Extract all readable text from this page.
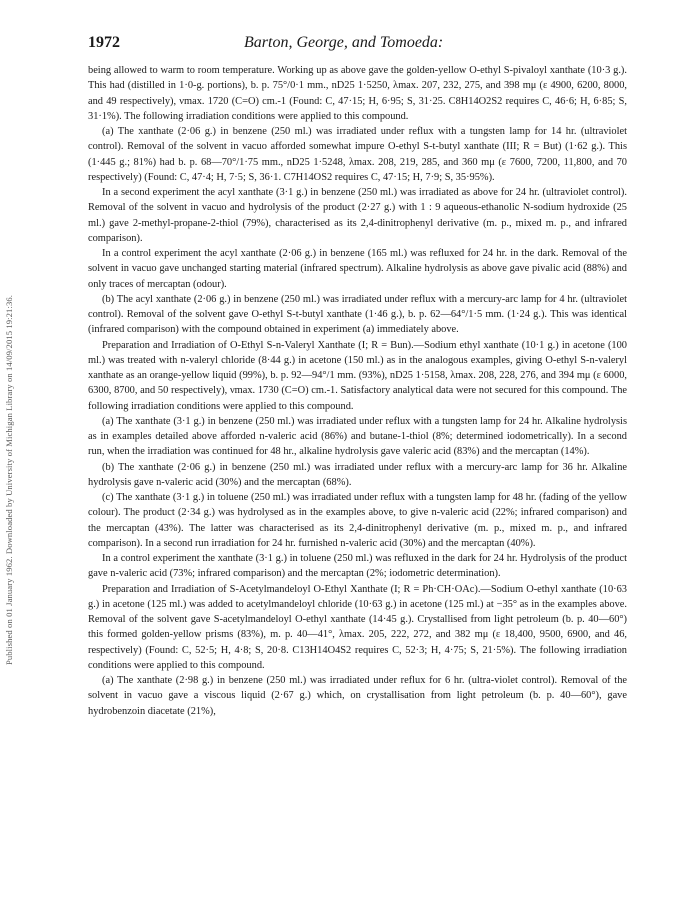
Published on 01 January 1962. Downloaded by University of Michigan Library on 14/09/2015 19:21:36.
1972	Barton, George, and Tomoeda:

being allowed to warm to room temperature. Working up as above gave the golden-yellow O-ethyl S-pivaloyl xanthate (10·3 g.). This had (distilled in 1·0-g. portions), b. p. 75°/0·1 mm., nD25 1·5250, λmax. 207, 232, 275, and 398 mμ (ε 4900, 6200, 8000, and 49 respectively), νmax. 1720 (C=O) cm.-1 (Found: C, 47·15; H, 6·95; S, 31·25. C8H14O2S2 requires C, 46·6; H, 6·85; S, 31·1%). The following irradiation conditions were applied to this compound.

(a) The xanthate (2·06 g.) in benzene (250 ml.) was irradiated under reflux with a tungsten lamp for 14 hr. (ultraviolet control). Removal of the solvent in vacuo afforded somewhat impure O-ethyl S-t-butyl xanthate (III; R = But) (1·62 g.). This (1·445 g.; 81%) had b. p. 68—70°/1·75 mm., nD25 1·5248, λmax. 208, 219, 285, and 360 mμ (ε 7600, 7200, 11,800, and 70 respectively) (Found: C, 47·4; H, 7·5; S, 36·1. C7H14OS2 requires C, 47·15; H, 7·9; S, 35·95%).

In a second experiment the acyl xanthate (3·1 g.) in benzene (250 ml.) was irradiated as above for 24 hr. (ultraviolet control). Removal of the solvent in vacuo and hydrolysis of the product (2·27 g.) with 1 : 9 aqueous-ethanolic N-sodium hydroxide (25 ml.) gave 2-methyl-propane-2-thiol (79%), characterised as its 2,4-dinitrophenyl derivative (m. p., mixed m. p., and infrared comparison).

In a control experiment the acyl xanthate (2·06 g.) in benzene (165 ml.) was refluxed for 24 hr. in the dark. Removal of the solvent in vacuo gave unchanged starting material (infrared spectrum). Alkaline hydrolysis as above gave pivalic acid (88%) and only traces of mercaptan (odour).

(b) The acyl xanthate (2·06 g.) in benzene (250 ml.) was irradiated under reflux with a mercury-arc lamp for 4 hr. (ultraviolet control). Removal of the solvent gave O-ethyl S-t-butyl xanthate (1·46 g.), b. p. 62—64°/1·5 mm. (1·24 g.). This was identical (infrared comparison) with the compound obtained in experiment (a) immediately above.

Preparation and Irradiation of O-Ethyl S-n-Valeryl Xanthate (I; R = Bun).—Sodium ethyl xanthate (10·1 g.) in acetone (100 ml.) was treated with n-valeryl chloride (8·44 g.) in acetone (150 ml.) as in the analogous examples, giving O-ethyl S-n-valeryl xanthate as an orange-yellow liquid (99%), b. p. 92—94°/1 mm. (93%), nD25 1·5158, λmax. 208, 228, 276, and 394 mμ (ε 6000, 6300, 8700, and 50 respectively), νmax. 1730 (C=O) cm.-1. Satisfactory analytical data were not secured for this compound. The following irradiation conditions were applied to this compound.

(a) The xanthate (3·1 g.) in benzene (250 ml.) was irradiated under reflux with a tungsten lamp for 24 hr. Alkaline hydrolysis as in examples detailed above afforded n-valeric acid (86%) and butane-1-thiol (8%; determined iodometrically). In a second run, when the irradiation was continued for 48 hr., alkaline hydrolysis gave valeric acid (83%) and the mercaptan (14%).

(b) The xanthate (2·06 g.) in benzene (250 ml.) was irradiated under reflux with a mercury-arc lamp for 36 hr. Alkaline hydrolysis gave n-valeric acid (30%) and the mercaptan (68%).

(c) The xanthate (3·1 g.) in toluene (250 ml.) was irradiated under reflux with a tungsten lamp for 48 hr. (fading of the yellow colour). The product (2·34 g.) was hydrolysed as in the examples above, to give n-valeric acid (22%; infrared comparison) and the mercaptan (43%). The latter was characterised as its 2,4-dinitrophenyl derivative (m. p., mixed m. p., and infrared comparison). In a second run irradiation for 24 hr. furnished n-valeric acid (30%) and the mercaptan (40%).

In a control experiment the xanthate (3·1 g.) in toluene (250 ml.) was refluxed in the dark for 24 hr. Hydrolysis of the product gave n-valeric acid (73%; infrared comparison) and the mercaptan (2%; iodometric determination).

Preparation and Irradiation of S-Acetylmandeloyl O-Ethyl Xanthate (I; R = Ph·CH·OAc).—Sodium O-ethyl xanthate (10·63 g.) in acetone (125 ml.) was added to acetylmandeloyl chloride (10·63 g.) in acetone (125 ml.) at −35° as in the examples above. Removal of the solvent gave S-acetylmandeloyl O-ethyl xanthate (14·45 g.). Crystallised from light petroleum (b. p. 40—60°) this formed golden-yellow prisms (83%), m. p. 40—41°, λmax. 205, 222, 272, and 382 mμ (ε 18,400, 9500, 6900, and 46, respectively) (Found: C, 52·5; H, 4·8; S, 20·8. C13H14O4S2 requires C, 52·3; H, 4·75; S, 21·5%). The following irradiation conditions were applied to this compound.

(a) The xanthate (2·98 g.) in benzene (250 ml.) was irradiated under reflux for 6 hr. (ultra-violet control). Removal of the solvent in vacuo gave a viscous liquid (2·67 g.) which, on crystallisation from light petroleum (b. p. 40—60°), gave hydrobenzoin diacetate (21%),
